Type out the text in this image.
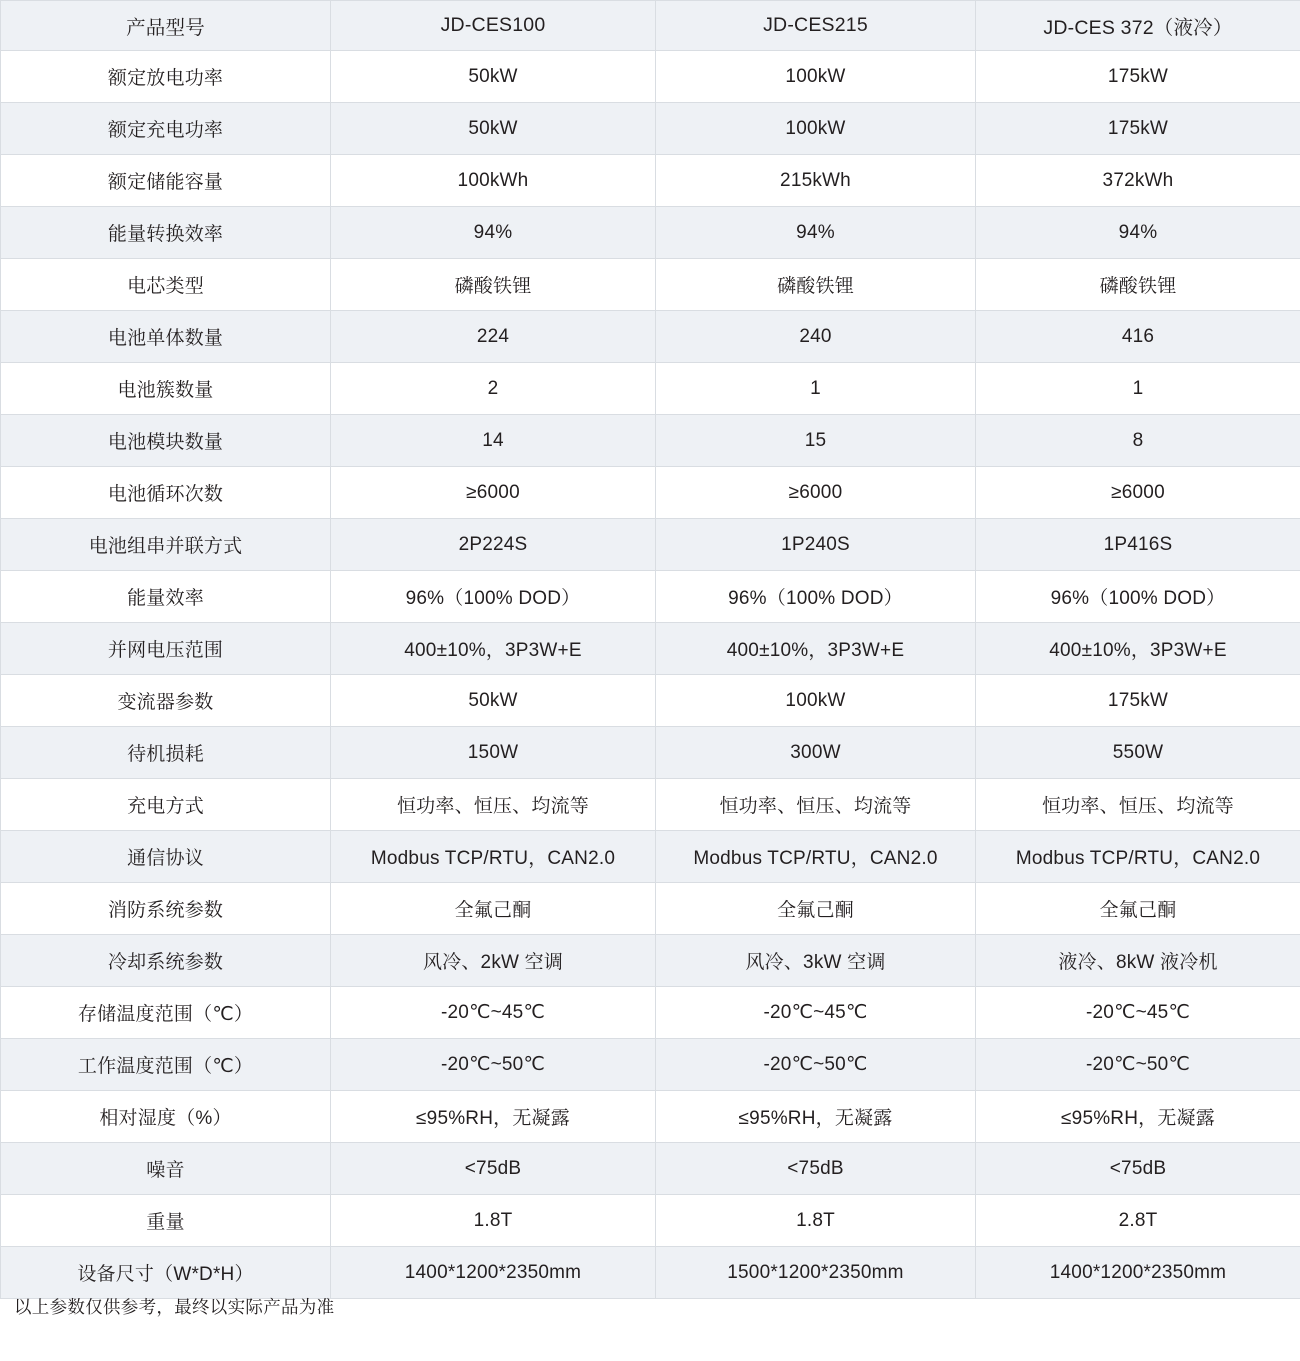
产品型号	JD-CES100	JD-CES215	JD-CES 372（液冷）
额定放电功率	50kW	100kW	175kW
额定充电功率	50kW	100kW	175kW
额定储能容量	100kWh	215kWh	372kWh
能量转换效率	94%	94%	94%
电芯类型	磷酸铁锂	磷酸铁锂	磷酸铁锂
电池单体数量	224	240	416
电池簇数量	2	1	1
电池模块数量	14	15	8
电池循环次数	≥6000	≥6000	≥6000
电池组串并联方式	2P224S	1P240S	1P416S
能量效率	96%（100% DOD）	96%（100% DOD）	96%（100% DOD）
并网电压范围	400±10%，3P3W+E	400±10%，3P3W+E	400±10%，3P3W+E
变流器参数	50kW	100kW	175kW
待机损耗	150W	300W	550W
充电方式	恒功率、恒压、均流等	恒功率、恒压、均流等	恒功率、恒压、均流等
通信协议	Modbus TCP/RTU，CAN2.0	Modbus TCP/RTU，CAN2.0	Modbus TCP/RTU，CAN2.0
消防系统参数	全氟己酮	全氟己酮	全氟己酮
冷却系统参数	风冷、2kW 空调	风冷、3kW 空调	液冷、8kW 液冷机
存储温度范围（℃）	-20℃~45℃	-20℃~45℃	-20℃~45℃
工作温度范围（℃）	-20℃~50℃	-20℃~50℃	-20℃~50℃
相对湿度（%）	≤95%RH，无凝露	≤95%RH，无凝露	≤95%RH，无凝露
噪音	<75dB	<75dB	<75dB
重量	1.8T	1.8T	2.8T
设备尺寸（W*D*H）	1400*1200*2350mm	1500*1200*2350mm	1400*1200*2350mm
以上参数仅供参考，最终以实际产品为准
